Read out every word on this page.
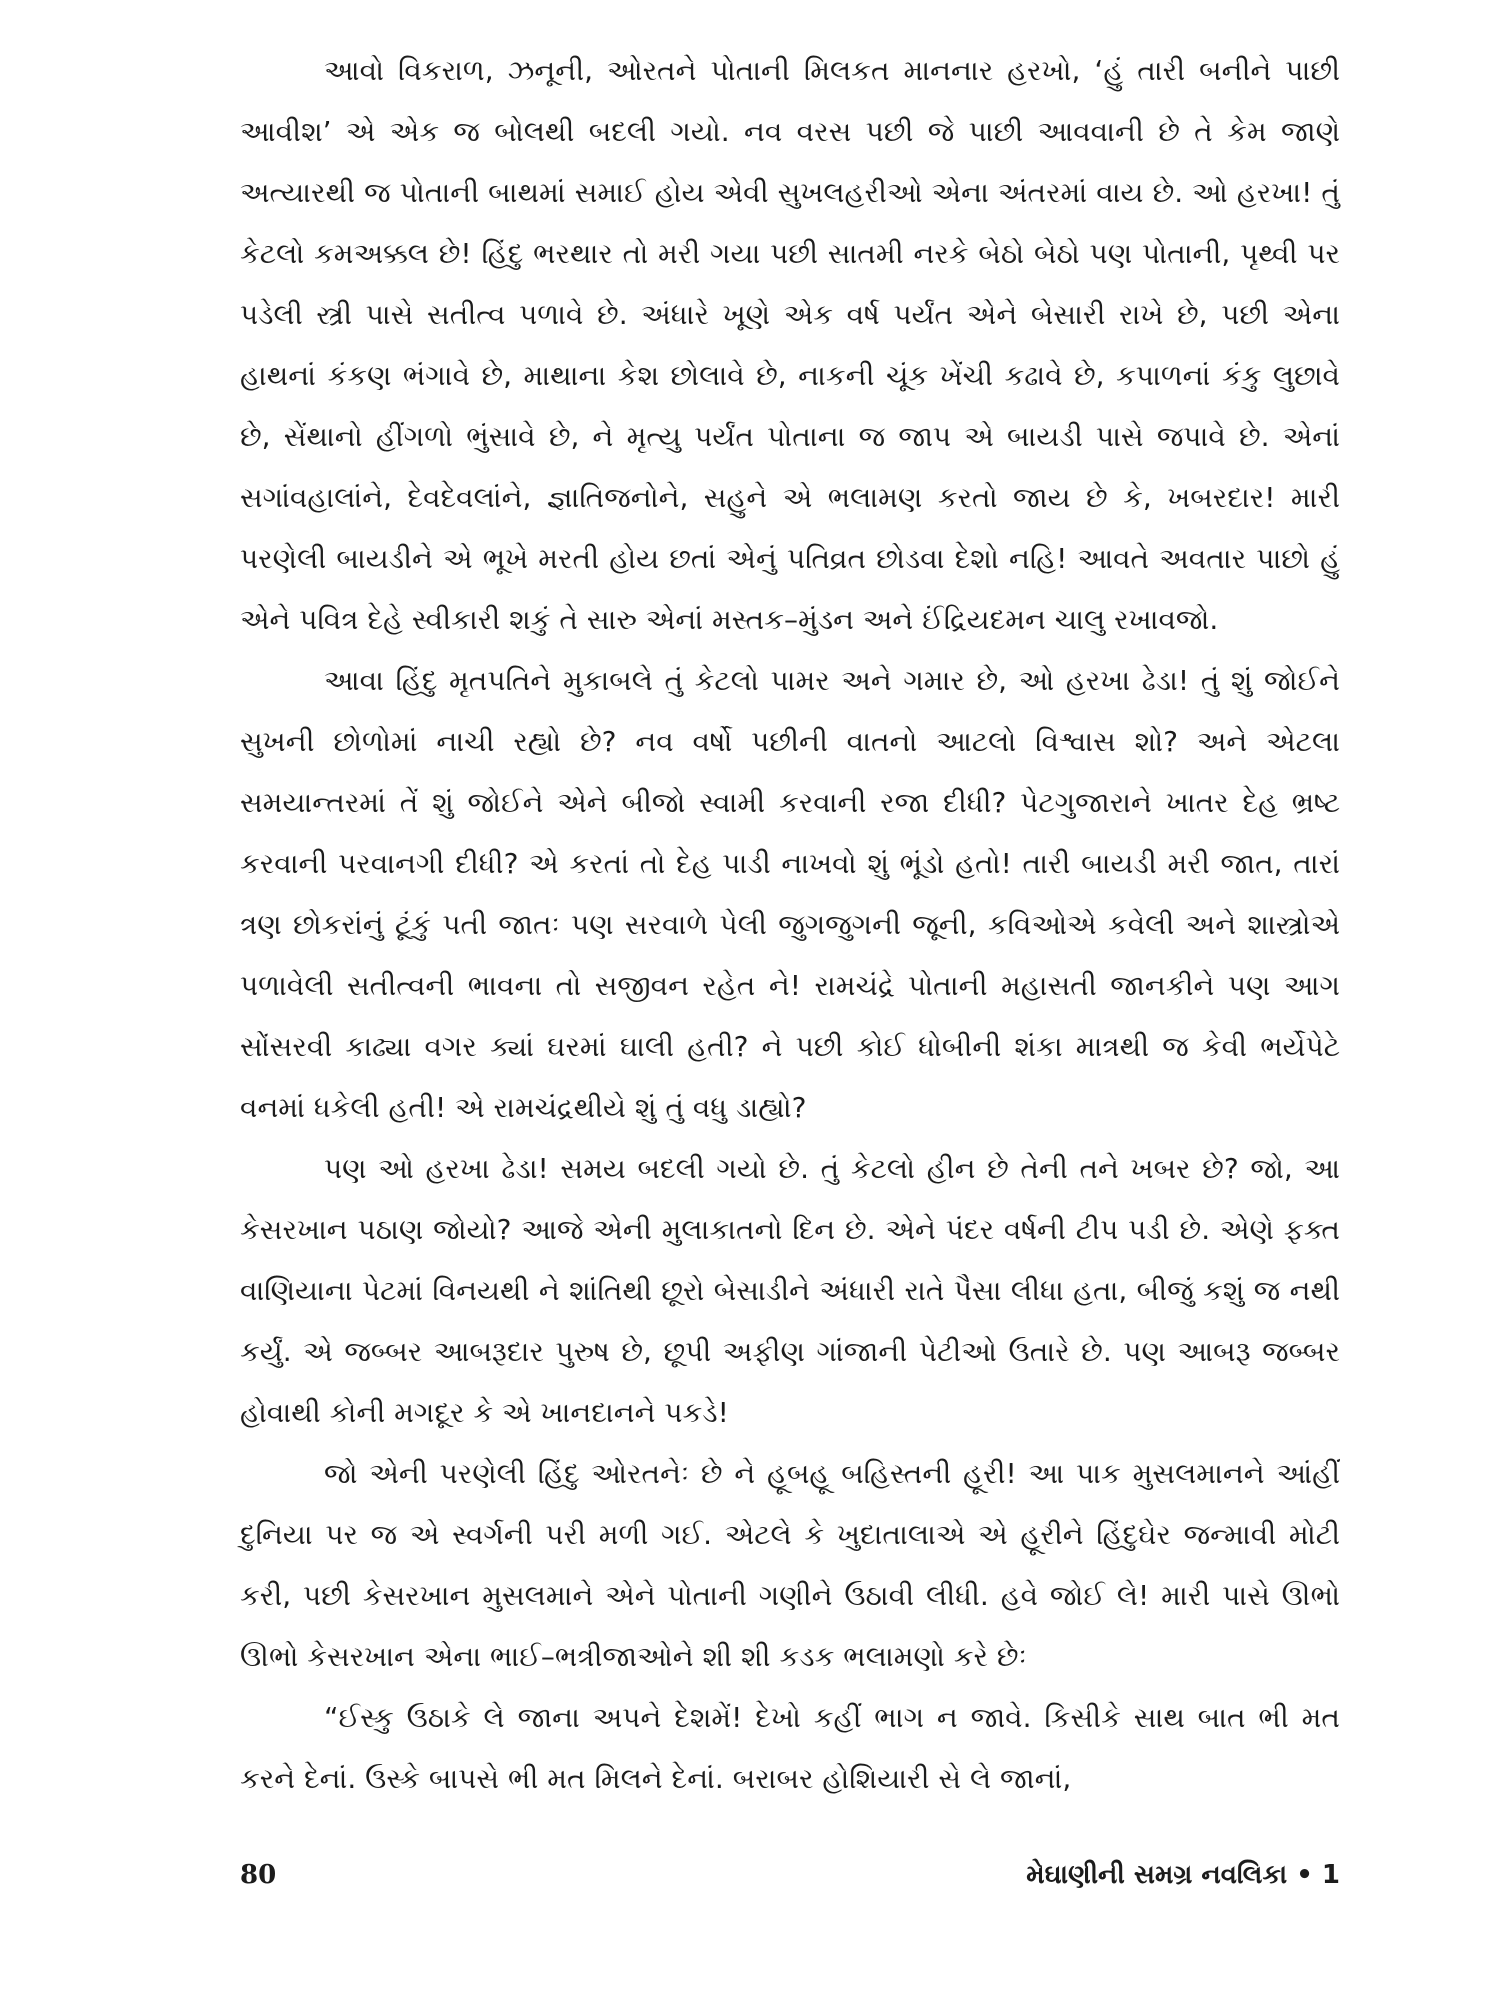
આવો વિકરાળ, ઝનૂની, ઓરતને પોતાની મિલકત માનનાર હરખો, ‘હું તારી બનીને પાછી આવીશ’ એ એક જ બોલથી બદલી ગયો. નવ વરસ પછી જે પાછી આવવાની છે તે કેમ જાણે અત્યારથી જ પોતાની બાથમાં સમાઈ હોય એવી સુખલહરીઓ એના અંતરમાં વાય છે. ઓ હરખા! તું કેટલો કમઅક્કલ છે! હિંદુ ભરથાર તો મરી ગયા પછી સાતમી નરકે બેઠો બેઠો પણ પોતાની, પૃથ્વી પર પડેલી સ્ત્રી પાસે સતીત્વ પળાવે છે. અંધારે ખૂણે એક વર્ષ પર્યંત એને બેસારી રાખે છે, પછી એના હાથનાં કંકણ ભંગાવે છે, માથાના કેશ છોલાવે છે, નાકની ચૂંક ખેંચી કઢાવે છે, કપાળનાં કંકુ લુછાવે છે, સેંથાનો હીંગળો ભુંસાવે છે, ને મૃત્યુ પર્યંત પોતાના જ જાપ એ બાયડી પાસે જપાવે છે. એનાં સગાંવહાલાંને, દેવદેવલાંને, જ્ઞાતિજનોને, સહુને એ ભલામણ કરતો જાય છે કે, ખબરદાર! મારી પરણેલી બાયડીને એ ભૂખે મરતી હોય છતાં એનું પતિવ્રત છોડવા દેશો નહિ! આવતે અવતાર પાછો હું એને પવિત્ર દેહે સ્વીકારી શકું તે સારુ એનાં મસ્તક–મુંડન અને ઈંદ્રિયદમન ચાલુ રખાવજો.

આવા હિંદુ મૃતપતિને મુકાબલે તું કેટલો પામર અને ગમાર છે, ઓ હરખા ઢેડા! તું શું જોઈને સુખની છોળોમાં નાચી રહ્યો છે? નવ વર્ષો પછીની વાતનો આટલો વિશ્વાસ શો? અને એટલા સમયાન્તરમાં તેં શું જોઈને એને બીજો સ્વામી કરવાની રજા દીધી? પેટગુજારાને ખાતર દેહ ભ્રષ્ટ કરવાની પરવાનગી દીધી? એ કરતાં તો દેહ પાડી નાખવો શું ભૂંડો હતો! તારી બાયડી મરી જાત, તારાં ત્રણ છોકરાંનું ટૂંકું પતી જાતઃ પણ સરવાળે પેલી જુગજુગની જૂની, કવિઓએ કવેલી અને શાસ્ત્રોએ પળાવેલી સતીત્વની ભાવના તો સજીવન રહેત ને! રામચંદ્રે પોતાની મહાસતી જાનકીને પણ આગ સોંસરવી કાઢ્યા વગર ક્યાં ઘરમાં ઘાલી હતી? ને પછી કોઈ ધોબીની શંકા માત્રથી જ કેવી ભર્યેપેટે વનમાં ધકેલી હતી! એ રામચંદ્રથીયે શું તું વધુ ડાહ્યો?

પણ ઓ હરખા ઢેડા! સમય બદલી ગયો છે. તું કેટલો હીન છે તેની તને ખબર છે? જો, આ કેસરખાન પઠાણ જોયો? આજે એની મુલાકાતનો દિન છે. એને પંદર વર્ષની ટીપ પડી છે. એણે ફક્ત વાણિયાના પેટમાં વિનયથી ને શાંતિથી છૂરો બેસાડીને અંધારી રાતે પૈસા લીધા હતા, બીજું કશું જ નથી કર્યું. એ જબ્બર આબરૂદાર પુરુષ છે, છૂપી અફીણ ગાંજાની પેટીઓ ઉતારે છે. પણ આબરૂ જબ્બર હોવાથી કોની મગદૂર કે એ ખાનદાનને પકડે!

જો એની પરણેલી હિંદુ ઓરતનેઃ છે ને હૂબહૂ બહિસ્તની હૂરી! આ પાક મુસલમાનને આંહીં દુનિયા પર જ એ સ્વર્ગની પરી મળી ગઈ. એટલે કે ખુદાતાલાએ એ હૂરીને હિંદુઘેર જન્માવી મોટી કરી, પછી કેસરખાન મુસલમાને એને પોતાની ગણીને ઉઠાવી લીધી. હવે જોઈ લે! મારી પાસે ઊભો ઊભો કેસરખાન એના ભાઈ–ભત્રીજાઓને શી શી કડક ભલામણો કરે છેઃ

“ઈસ્કુ ઉઠાકે લે જાના અપને દેશમેં! દેખો કહીં ભાગ ન જાવે. કિસીકે સાથ બાત ભી મત કરને દેનાં. ઉસ્કે બાપસે ભી મત મિલને દેનાં. બરાબર હોશિયારી સે લે જાનાં,

80	મેઘાણીની સમગ્ર નવલિકા • 1
